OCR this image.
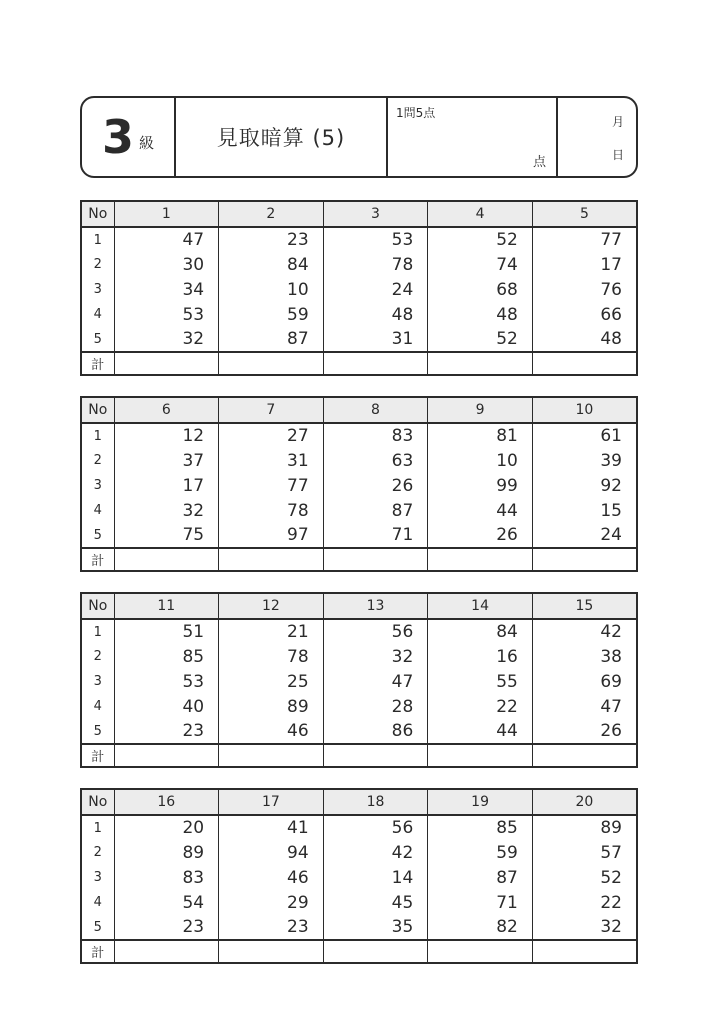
3 級	見取暗算 (5)
1問5点
点
月
日
No	1	2	3	4	5
1	47	23	53	52	77
2	30	84	78	74	17
3	34	10	24	68	76
4	53	59	48	48	66
5	32	87	31	52	48
計					
No	6	7	8	9	10
1	12	27	83	81	61
2	37	31	63	10	39
3	17	77	26	99	92
4	32	78	87	44	15
5	75	97	71	26	24
計					
No	11	12	13	14	15
1	51	21	56	84	42
2	85	78	32	16	38
3	53	25	47	55	69
4	40	89	28	22	47
5	23	46	86	44	26
計					
No	16	17	18	19	20
1	20	41	56	85	89
2	89	94	42	59	57
3	83	46	14	87	52
4	54	29	45	71	22
5	23	23	35	82	32
計					
